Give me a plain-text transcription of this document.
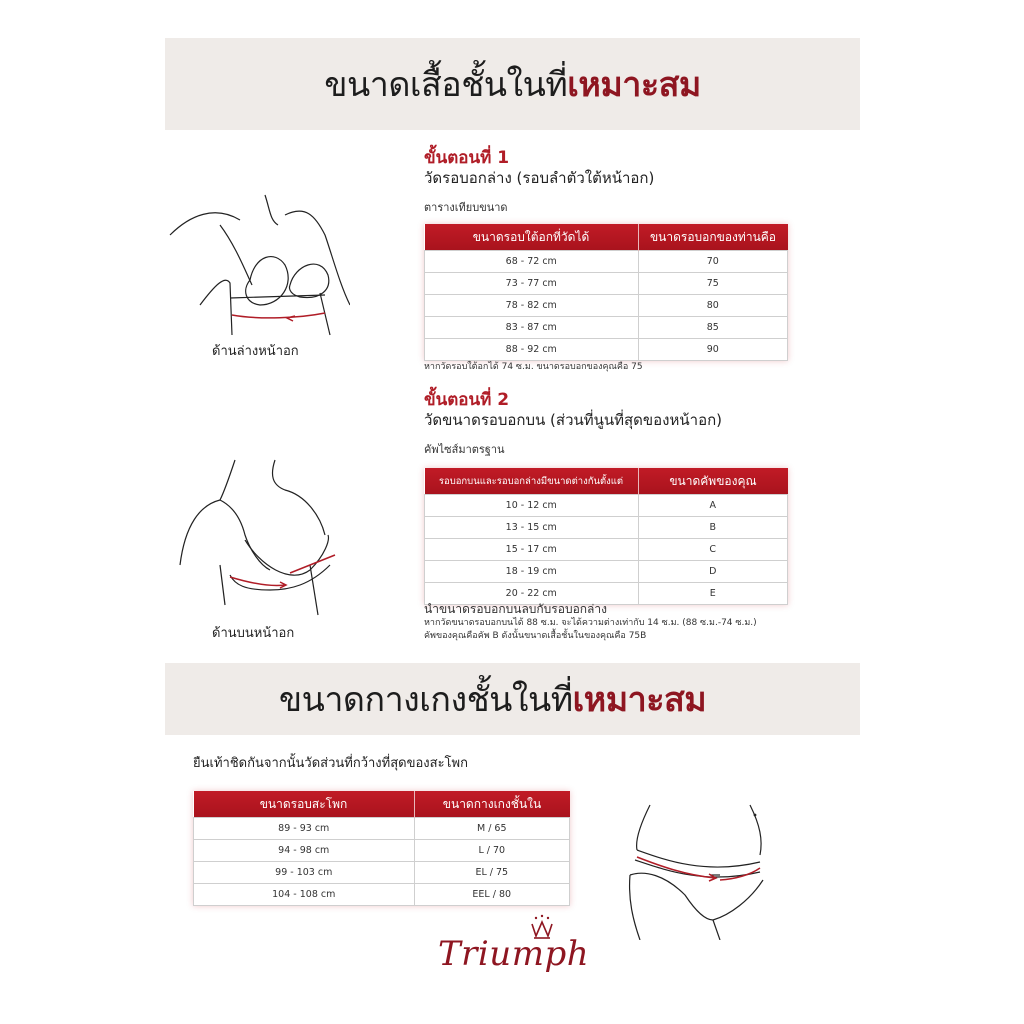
ขนาดเสื้อชั้นในที่เหมาะสม
ด้านล่างหน้าอก
ขั้นตอนที่ 1
วัดรอบอกล่าง (รอบลำตัวใต้หน้าอก)
ตารางเทียบขนาด
ขนาดรอบใต้อกที่วัดได้	ขนาดรอบอกของท่านคือ
68 - 72 cm	70
73 - 77 cm	75
78 - 82 cm	80
83 - 87 cm	85
88 - 92 cm	90
หากวัดรอบใต้อกได้ 74 ซ.ม. ขนาดรอบอกของคุณคือ 75
ด้านบนหน้าอก
ขั้นตอนที่ 2
วัดขนาดรอบอกบน (ส่วนที่นูนที่สุดของหน้าอก)
คัพไซส์มาตรฐาน
รอบอกบนและรอบอกล่างมีขนาดต่างกันตั้งแต่	ขนาดคัพของคุณ
10 - 12 cm	A
13 - 15 cm	B
15 - 17 cm	C
18 - 19 cm	D
20 - 22 cm	E
นำขนาดรอบอกบนลบกับรอบอกล่าง
หากวัดขนาดรอบอกบนได้ 88 ซ.ม. จะได้ความต่างเท่ากับ 14 ซ.ม. (88 ซ.ม.-74 ซ.ม.)
คัพของคุณคือคัพ B ดังนั้นขนาดเสื้อชั้นในของคุณคือ 75B
ขนาดกางเกงชั้นในที่เหมาะสม
ยืนเท้าชิดกันจากนั้นวัดส่วนที่กว้างที่สุดของสะโพก
ขนาดรอบสะโพก	ขนาดกางเกงชั้นใน
89 - 93 cm	M / 65
94 - 98 cm	L / 70
99 - 103 cm	EL / 75
104 - 108 cm	EEL / 80
Triumph
